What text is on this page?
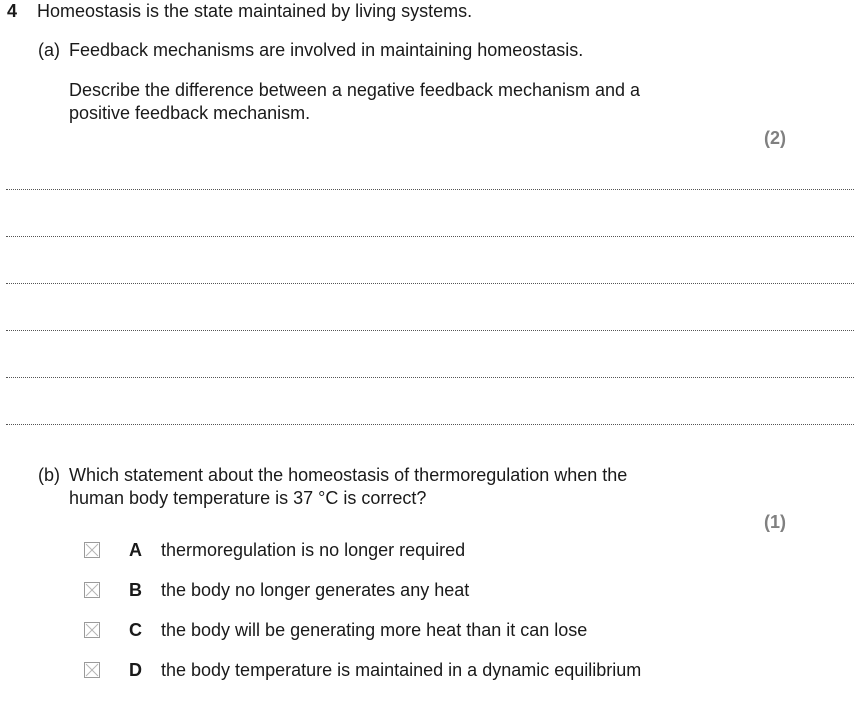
4 Homeostasis is the state maintained by living systems.
(a) Feedback mechanisms are involved in maintaining homeostasis.
Describe the difference between a negative feedback mechanism and a
positive feedback mechanism.
(2)
(b) Which statement about the homeostasis of thermoregulation when the
human body temperature is 37 °C is correct?
(1)
A thermoregulation is no longer required
B the body no longer generates any heat
C the body will be generating more heat than it can lose
D the body temperature is maintained in a dynamic equilibrium
